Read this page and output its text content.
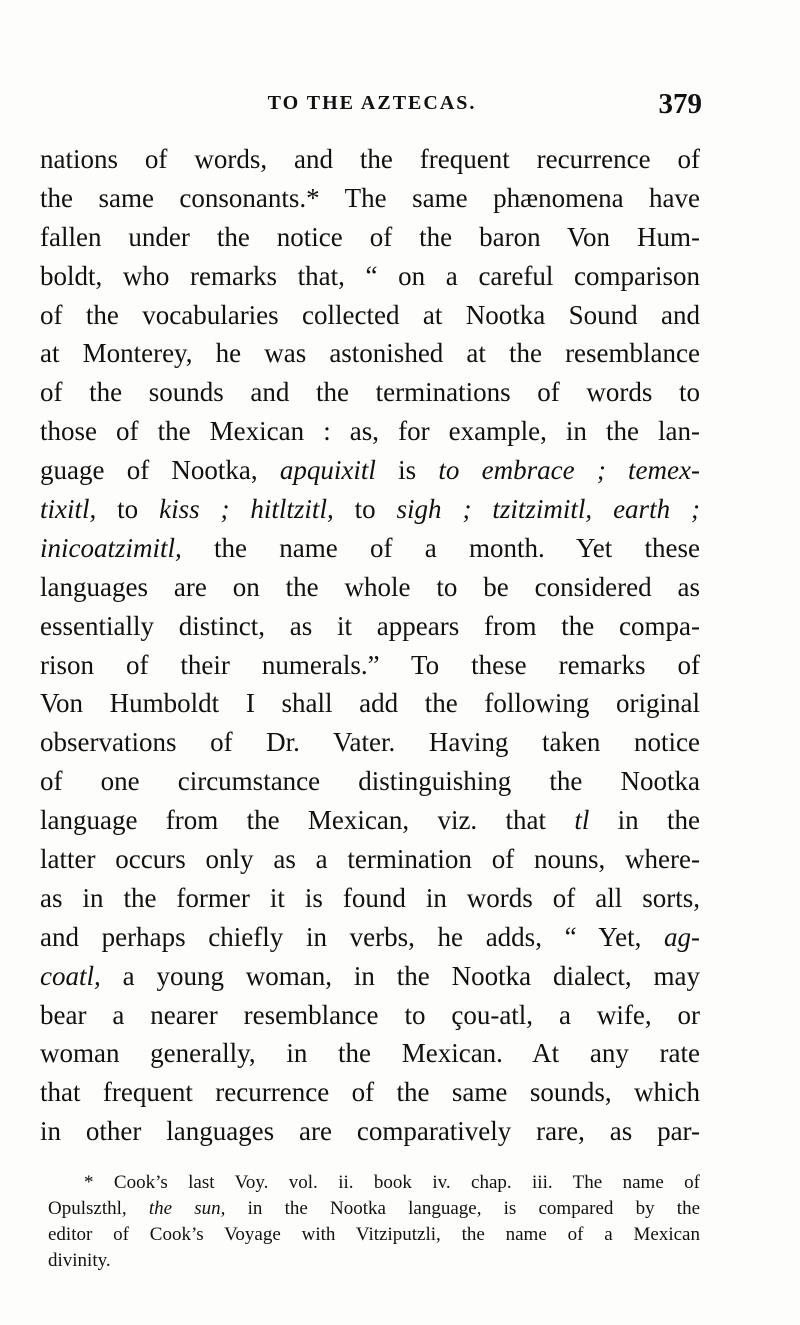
TO THE AZTECAS.	379
nations of words, and the frequent recurrence of
the same consonants.* The same phænomena have
fallen under the notice of the baron Von Hum-
boldt, who remarks that, “ on a careful comparison
of the vocabularies collected at Nootka Sound and
at Monterey, he was astonished at the resemblance
of the sounds and the terminations of words to
those of the Mexican : as, for example, in the lan-
guage of Nootka, apquixitl is to embrace ; temex-
tixitl, to kiss ; hitltzitl, to sigh ; tzitzimitl, earth ;
inicoatzimitl, the name of a month. Yet these
languages are on the whole to be considered as
essentially distinct, as it appears from the compa-
rison of their numerals.” To these remarks of
Von Humboldt I shall add the following original
observations of Dr. Vater. Having taken notice
of one circumstance distinguishing the Nootka
language from the Mexican, viz. that tl in the
latter occurs only as a termination of nouns, where-
as in the former it is found in words of all sorts,
and perhaps chiefly in verbs, he adds, “ Yet, ag-
coatl, a young woman, in the Nootka dialect, may
bear a nearer resemblance to çou-atl, a wife, or
woman generally, in the Mexican. At any rate
that frequent recurrence of the same sounds, which
in other languages are comparatively rare, as par-
* Cook’s last Voy. vol. ii. book iv. chap. iii. The name of
Opulszthl, the sun, in the Nootka language, is compared by the
editor of Cook’s Voyage with Vitziputzli, the name of a Mexican
divinity.
